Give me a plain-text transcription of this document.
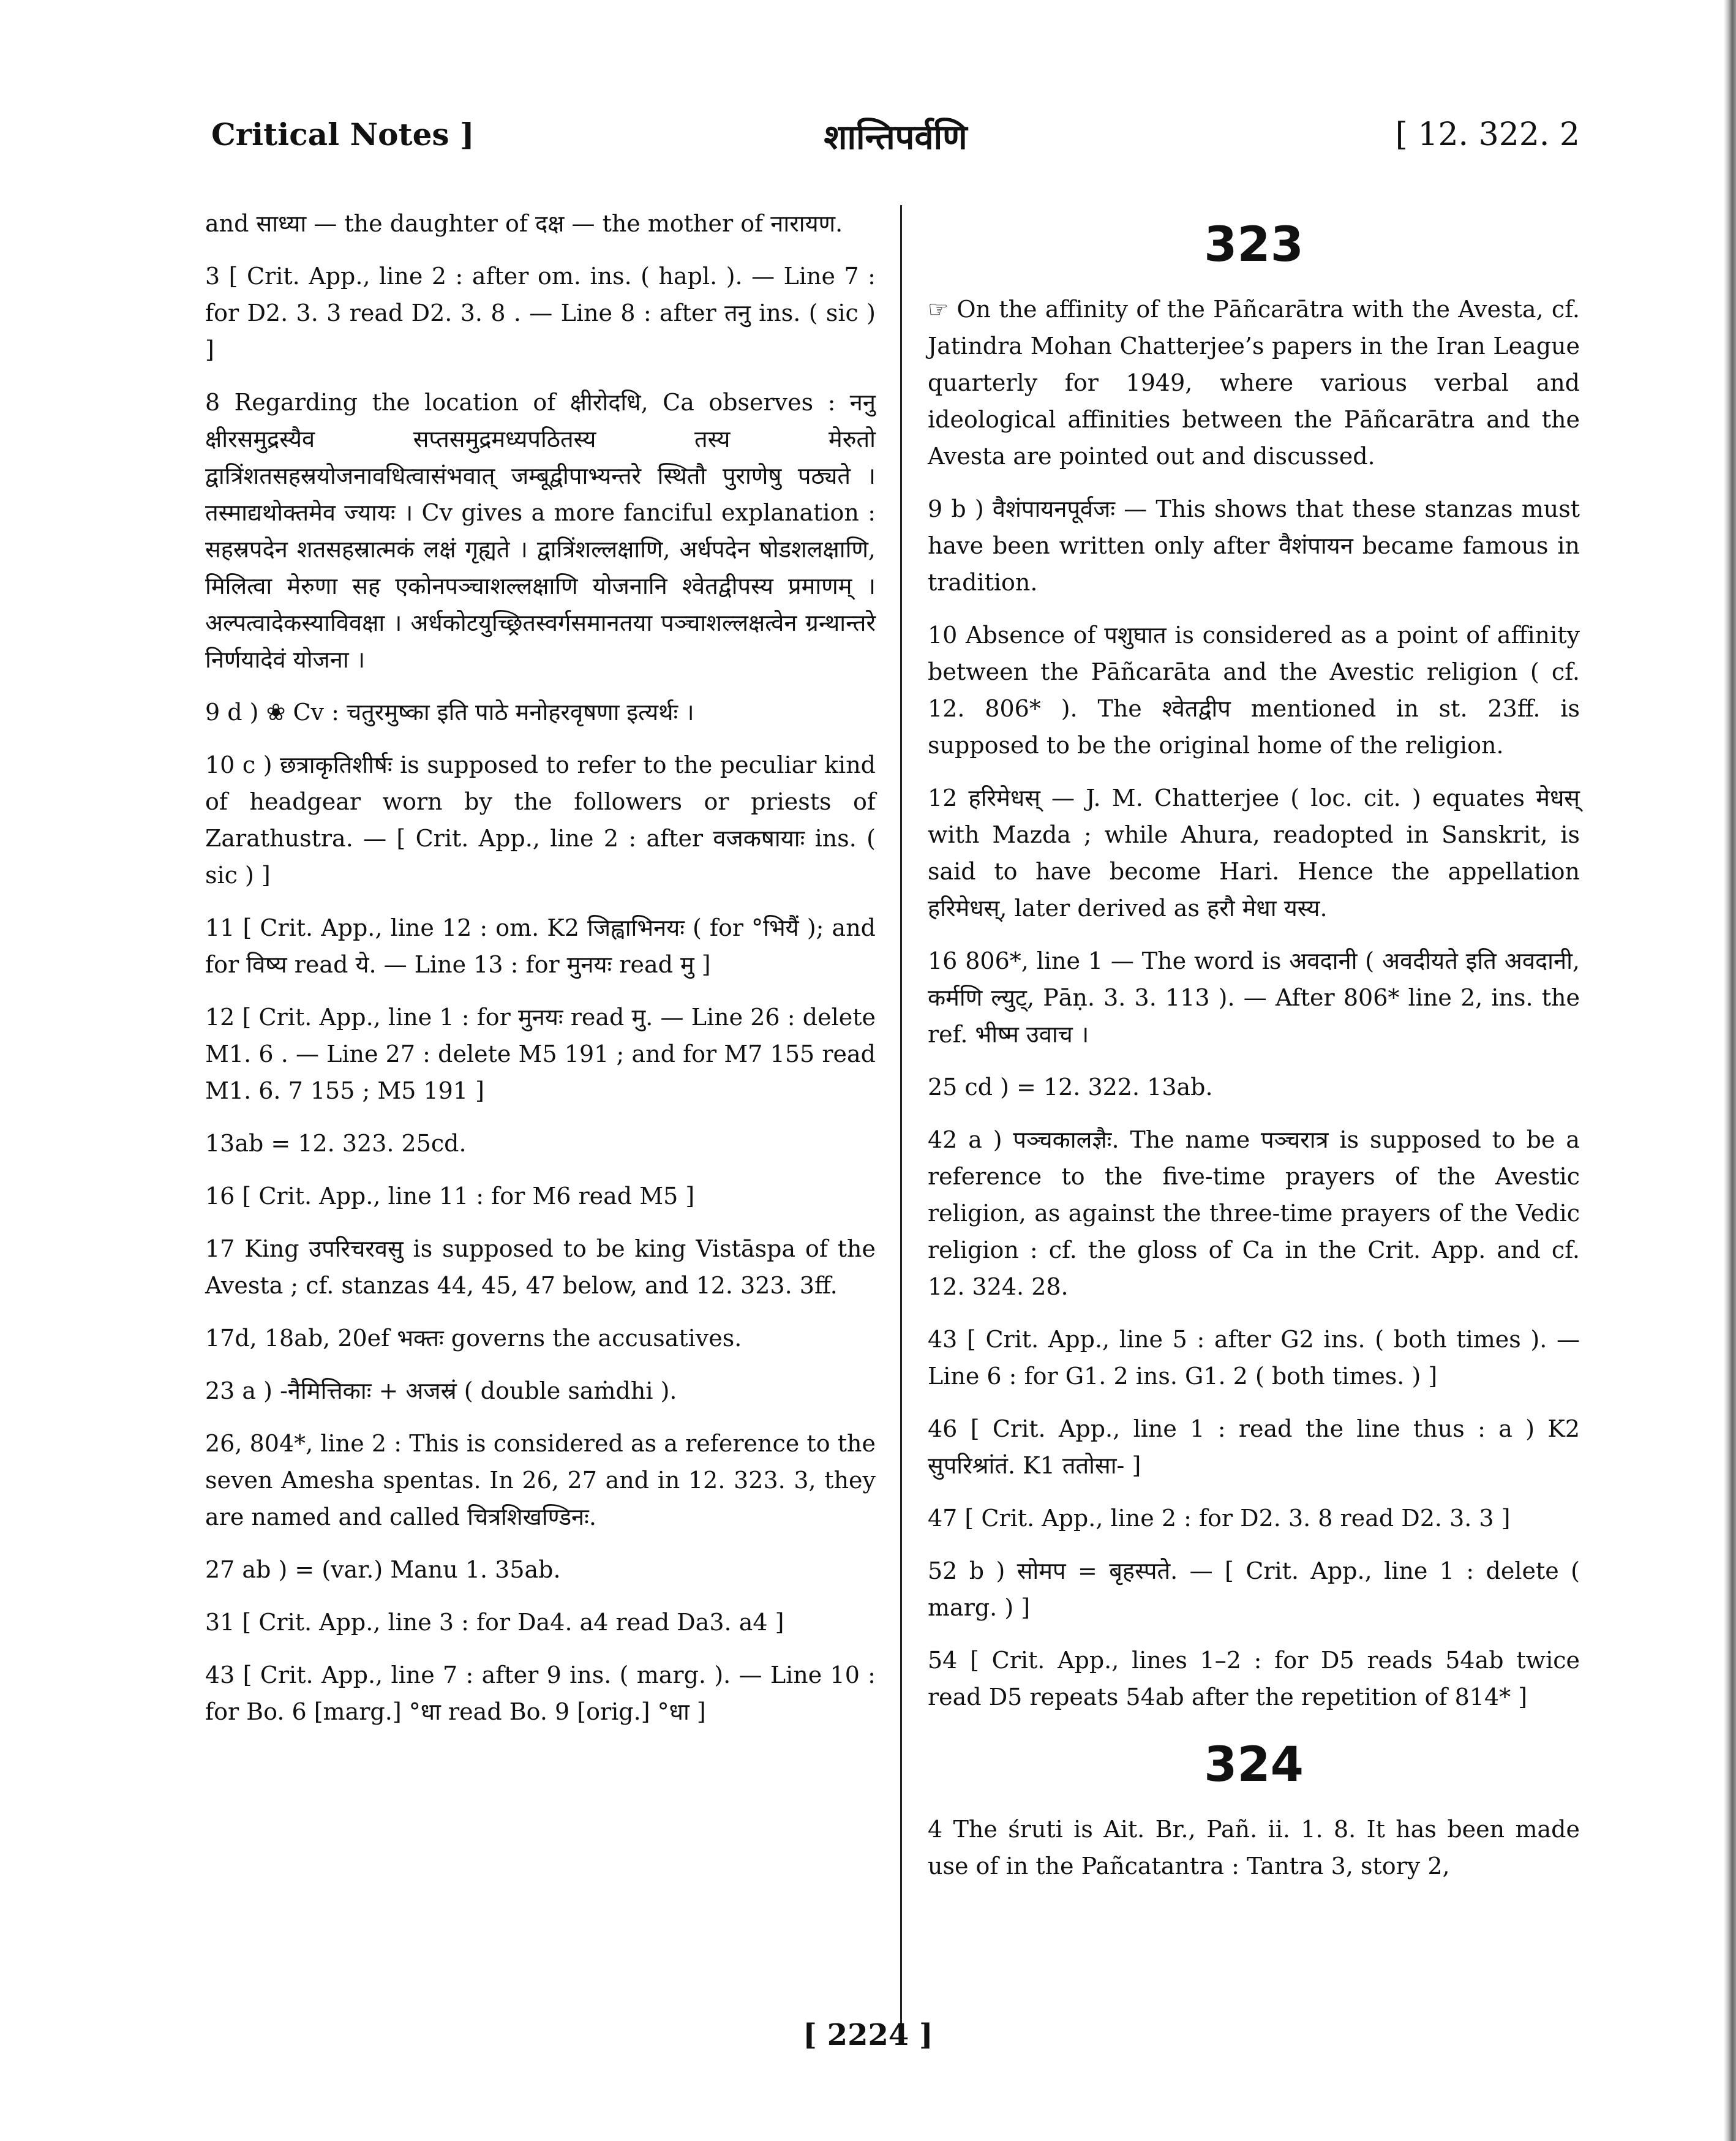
Critical Notes ]	शान्तिपर्वणि	[ 12. 322. 2

and साध्या — the daughter of दक्ष — the mother of नारायण.

3 [ Crit. App., line 2 : after om. ins. ( hapl. ). — Line 7 : for D2. 3. 3 read D2. 3. 8 . — Line 8 : after तनु ins. ( sic ) ]

8 Regarding the location of क्षीरोदधि, Ca observes : ननु क्षीरसमुद्रस्यैव सप्तसमुद्रमध्यपठितस्य तस्य मेरुतो द्वात्रिंशतसहस्रयोजनावधित्वासंभवात् जम्बूद्वीपाभ्यन्तरे स्थितौ पुराणेषु पठ्यते । तस्माद्यथोक्तमेव ज्यायः । Cv gives a more fanciful explanation : सहस्रपदेन शतसहस्रात्मकं लक्षं गृह्यते । द्वात्रिंशल्लक्षाणि, अर्धपदेन षोडशलक्षाणि, मिलित्वा मेरुणा सह एकोनपञ्चाशल्लक्षाणि योजनानि श्वेतद्वीपस्य प्रमाणम् । अल्पत्वादेकस्याविवक्षा । अर्धकोटयुच्छ्रितस्वर्गसमानतया पञ्चाशल्लक्षत्वेन ग्रन्थान्तरे निर्णयादेवं योजना ।

9 d ) ❀ Cv : चतुरमुष्का इति पाठे मनोहरवृषणा इत्यर्थः ।

10 c ) छत्राकृतिशीर्षः is supposed to refer to the peculiar kind of headgear worn by the followers or priests of Zarathustra. — [ Crit. App., line 2 : after वजकषायाः ins. ( sic ) ]

11 [ Crit. App., line 12 : om. K2 जिह्वाभिनयः ( for °भियैं ); and for विष्य read ये. — Line 13 : for मुनयः read मु ]

12 [ Crit. App., line 1 : for मुनयः read मु. — Line 26 : delete M1. 6 . — Line 27 : delete M5 191 ; and for M7 155 read M1. 6. 7 155 ; M5 191 ]

13ab = 12. 323. 25cd.

16 [ Crit. App., line 11 : for M6 read M5 ]

17 King उपरिचरवसु is supposed to be king Vistāspa of the Avesta ; cf. stanzas 44, 45, 47 below, and 12. 323. 3ff.

17d, 18ab, 20ef भक्तः governs the accusatives.

23 a ) -नैमित्तिकाः + अजस्रं ( double saṁdhi ).

26, 804*, line 2 : This is considered as a reference to the seven Amesha spentas. In 26, 27 and in 12. 323. 3, they are named and called चित्रशिखण्डिनः.

27 ab ) = (var.) Manu 1. 35ab.

31 [ Crit. App., line 3 : for Da4. a4 read Da3. a4 ]

43 [ Crit. App., line 7 : after 9 ins. ( marg. ). — Line 10 : for Bo. 6 [marg.] °धा read Bo. 9 [orig.] °धा ]

323

☞ On the affinity of the Pāñcarātra with the Avesta, cf. Jatindra Mohan Chatterjee’s papers in the Iran League quarterly for 1949, where various verbal and ideological affinities between the Pāñcarātra and the Avesta are pointed out and discussed.

9 b ) वैशंपायनपूर्वजः — This shows that these stanzas must have been written only after वैशंपायन became famous in tradition.

10 Absence of पशुघात is considered as a point of affinity between the Pāñcarāta and the Avestic religion ( cf. 12. 806* ). The श्वेतद्वीप mentioned in st. 23ff. is supposed to be the original home of the religion.

12 हरिमेधस् — J. M. Chatterjee ( loc. cit. ) equates मेधस् with Mazda ; while Ahura, readopted in Sanskrit, is said to have become Hari. Hence the appellation हरिमेधस्, later derived as हरौ मेधा यस्य.

16 806*, line 1 — The word is अवदानी ( अवदीयते इति अवदानी, कर्मणि ल्युट्, Pāṇ. 3. 3. 113 ). — After 806* line 2, ins. the ref. भीष्म उवाच ।

25 cd ) = 12. 322. 13ab.

42 a ) पञ्चकालज्ञैः. The name पञ्चरात्र is supposed to be a reference to the five-time prayers of the Avestic religion, as against the three-time prayers of the Vedic religion : cf. the gloss of Ca in the Crit. App. and cf. 12. 324. 28.

43 [ Crit. App., line 5 : after G2 ins. ( both times ). — Line 6 : for G1. 2 ins. G1. 2 ( both times. ) ]

46 [ Crit. App., line 1 : read the line thus : a ) K2 सुपरिश्रांतं. K1 ततोसा- ]

47 [ Crit. App., line 2 : for D2. 3. 8 read D2. 3. 3 ]

52 b ) सोमप = बृहस्पते. — [ Crit. App., line 1 : delete ( marg. ) ]

54 [ Crit. App., lines 1–2 : for D5 reads 54ab twice read D5 repeats 54ab after the repetition of 814* ]

324

4 The śruti is Ait. Br., Pañ. ii. 1. 8. It has been made use of in the Pañcatantra : Tantra 3, story 2,

[ 2224 ]
